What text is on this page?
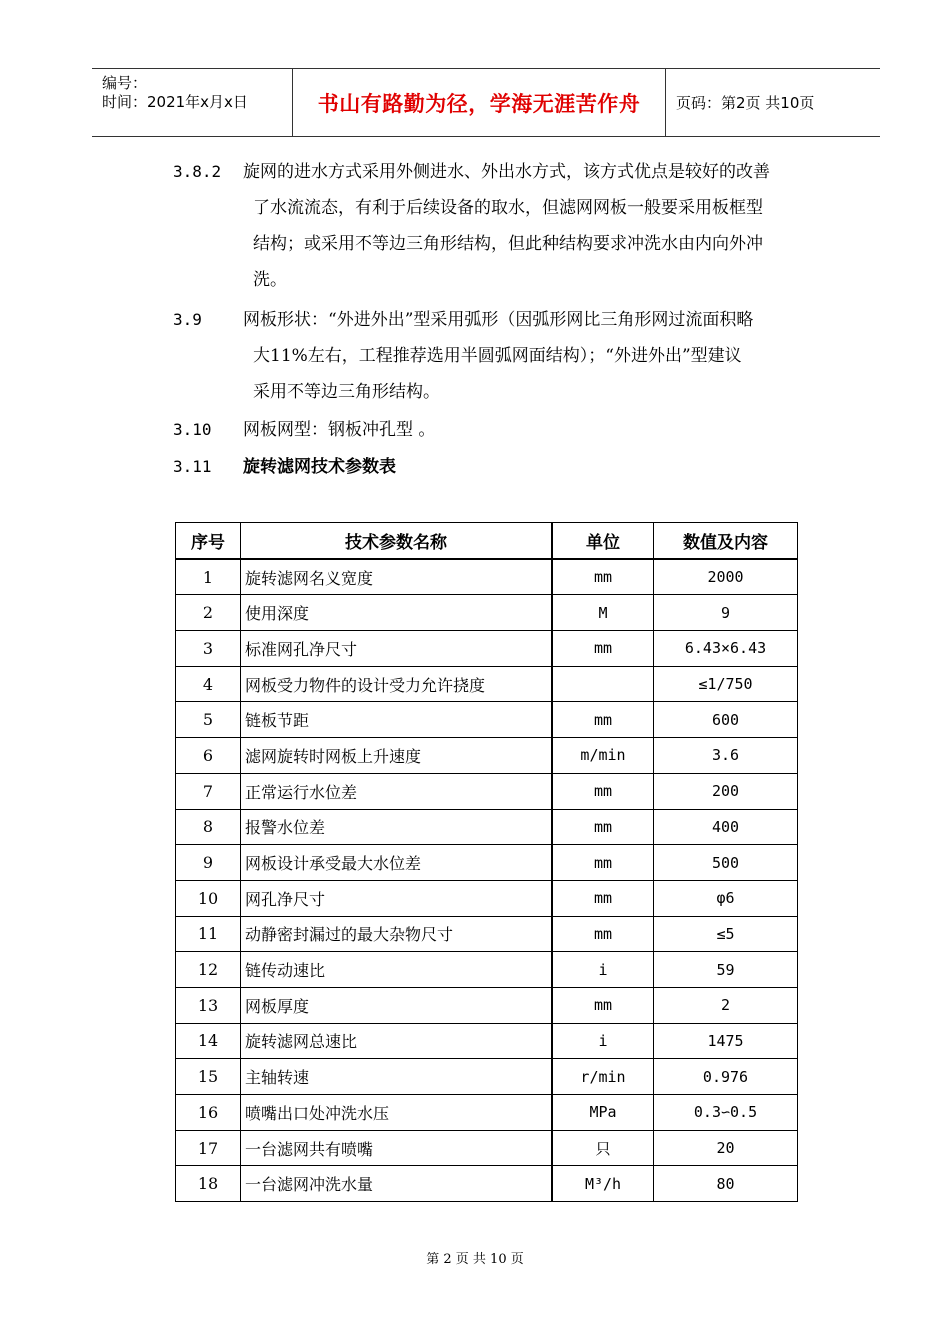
编号：
时间：2021年x月x日	书山有路勤为径，学海无涯苦作舟 页码：第2页 共10页
3.8.2	旋网的进水方式采用外侧进水、外出水方式，该方式优点是较好的改善
了水流流态，有利于后续设备的取水，但滤网网板一般要采用板框型
结构；或采用不等边三角形结构，但此种结构要求冲洗水由内向外冲
洗。
3.9	网板形状：“外进外出”型采用弧形（因弧形网比三角形网过流面积略
大11%左右，工程推荐选用半圆弧网面结构）；“外进外出”型建议
采用不等边三角形结构。
3.10	网板网型：钢板冲孔型 。
3.11	旋转滤网技术参数表
序号	技术参数名称	单位	数值及内容
1	旋转滤网名义宽度	mm	2000
2	使用深度	M	9
3	标准网孔净尺寸	mm	6.43×6.43
4	网板受力物件的设计受力允许挠度		≤1/750
5	链板节距	mm	600
6	滤网旋转时网板上升速度	m/min	3.6
7	正常运行水位差	mm	200
8	报警水位差	mm	400
9	网板设计承受最大水位差	mm	500
10	网孔净尺寸	mm	φ6
11	动静密封漏过的最大杂物尺寸	mm	≤5
12	链传动速比	i	59
13	网板厚度	mm	2
14	旋转滤网总速比	i	1475
15	主轴转速	r/min	0.976
16	喷嘴出口处冲洗水压	MPa	0.3∽0.5
17	一台滤网共有喷嘴	只	20
18	一台滤网冲洗水量	M³/h	80
第 2 页 共 10 页
